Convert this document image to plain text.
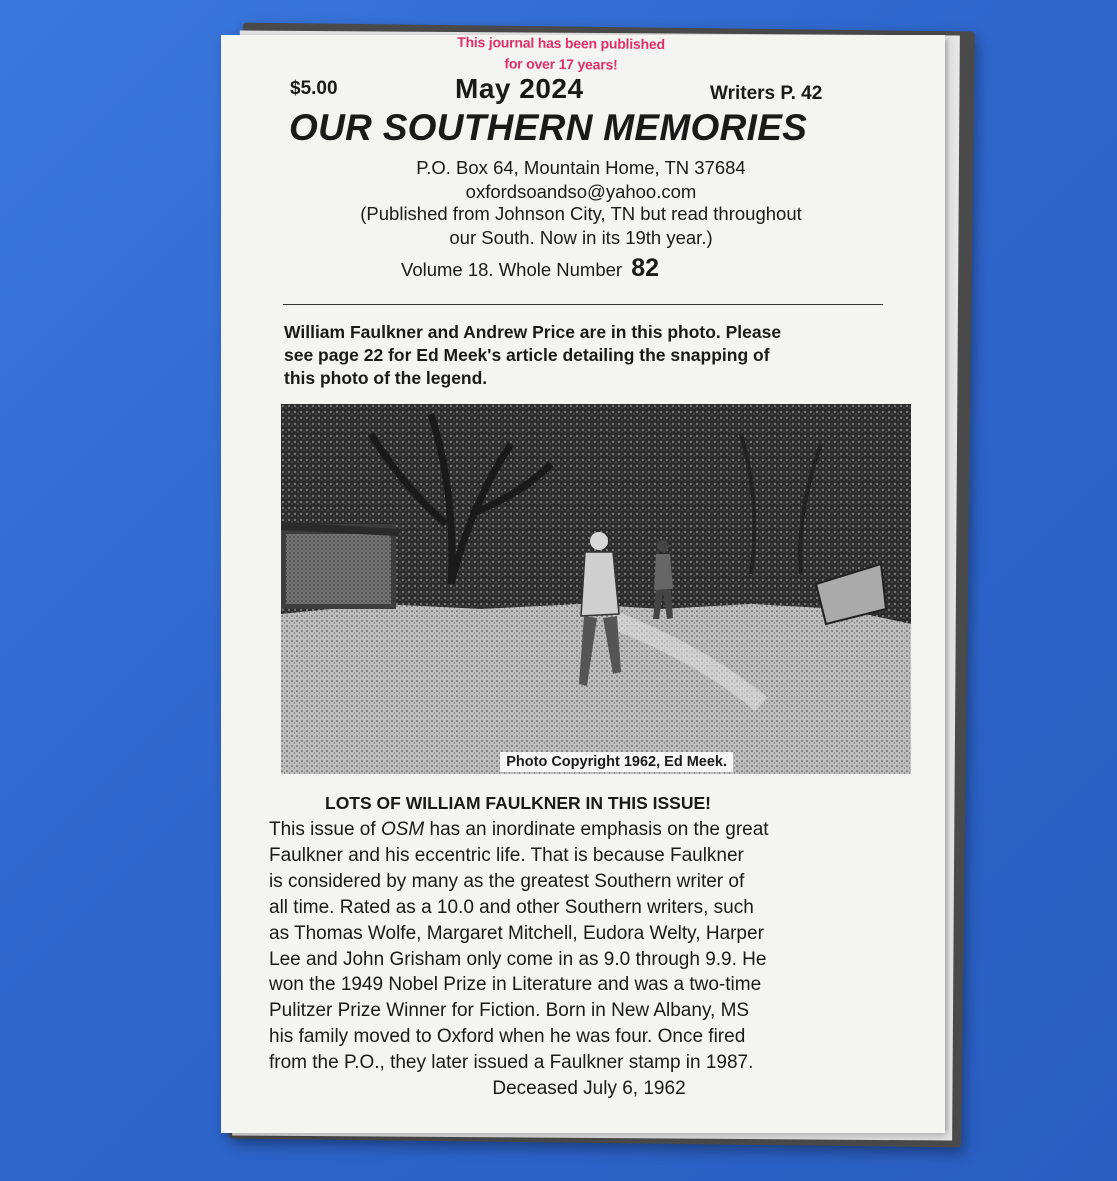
This journal has been published
for over 17 years!
$5.00	May 2024	Writers P. 42
OUR SOUTHERN MEMORIES
P.O. Box 64, Mountain Home, TN 37684
oxfordsoandso@yahoo.com
(Published from Johnson City, TN but read throughout
our South. Now in its 19th year.)
Volume 18. Whole Number 82
William Faulkner and Andrew Price are in this photo. Please
see page 22 for Ed Meek's article detailing the snapping of
this photo of the legend.
Photo Copyright 1962, Ed Meek.
LOTS OF WILLIAM FAULKNER IN THIS ISSUE!
This issue of OSM has an inordinate emphasis on the great
Faulkner and his eccentric life. That is because Faulkner
is considered by many as the greatest Southern writer of
all time. Rated as a 10.0 and other Southern writers, such
as Thomas Wolfe, Margaret Mitchell, Eudora Welty, Harper
Lee and John Grisham only come in as 9.0 through 9.9. He
won the 1949 Nobel Prize in Literature and was a two-time
Pulitzer Prize Winner for Fiction. Born in New Albany, MS
his family moved to Oxford when he was four. Once fired
from the P.O., they later issued a Faulkner stamp in 1987.
Deceased July 6, 1962
